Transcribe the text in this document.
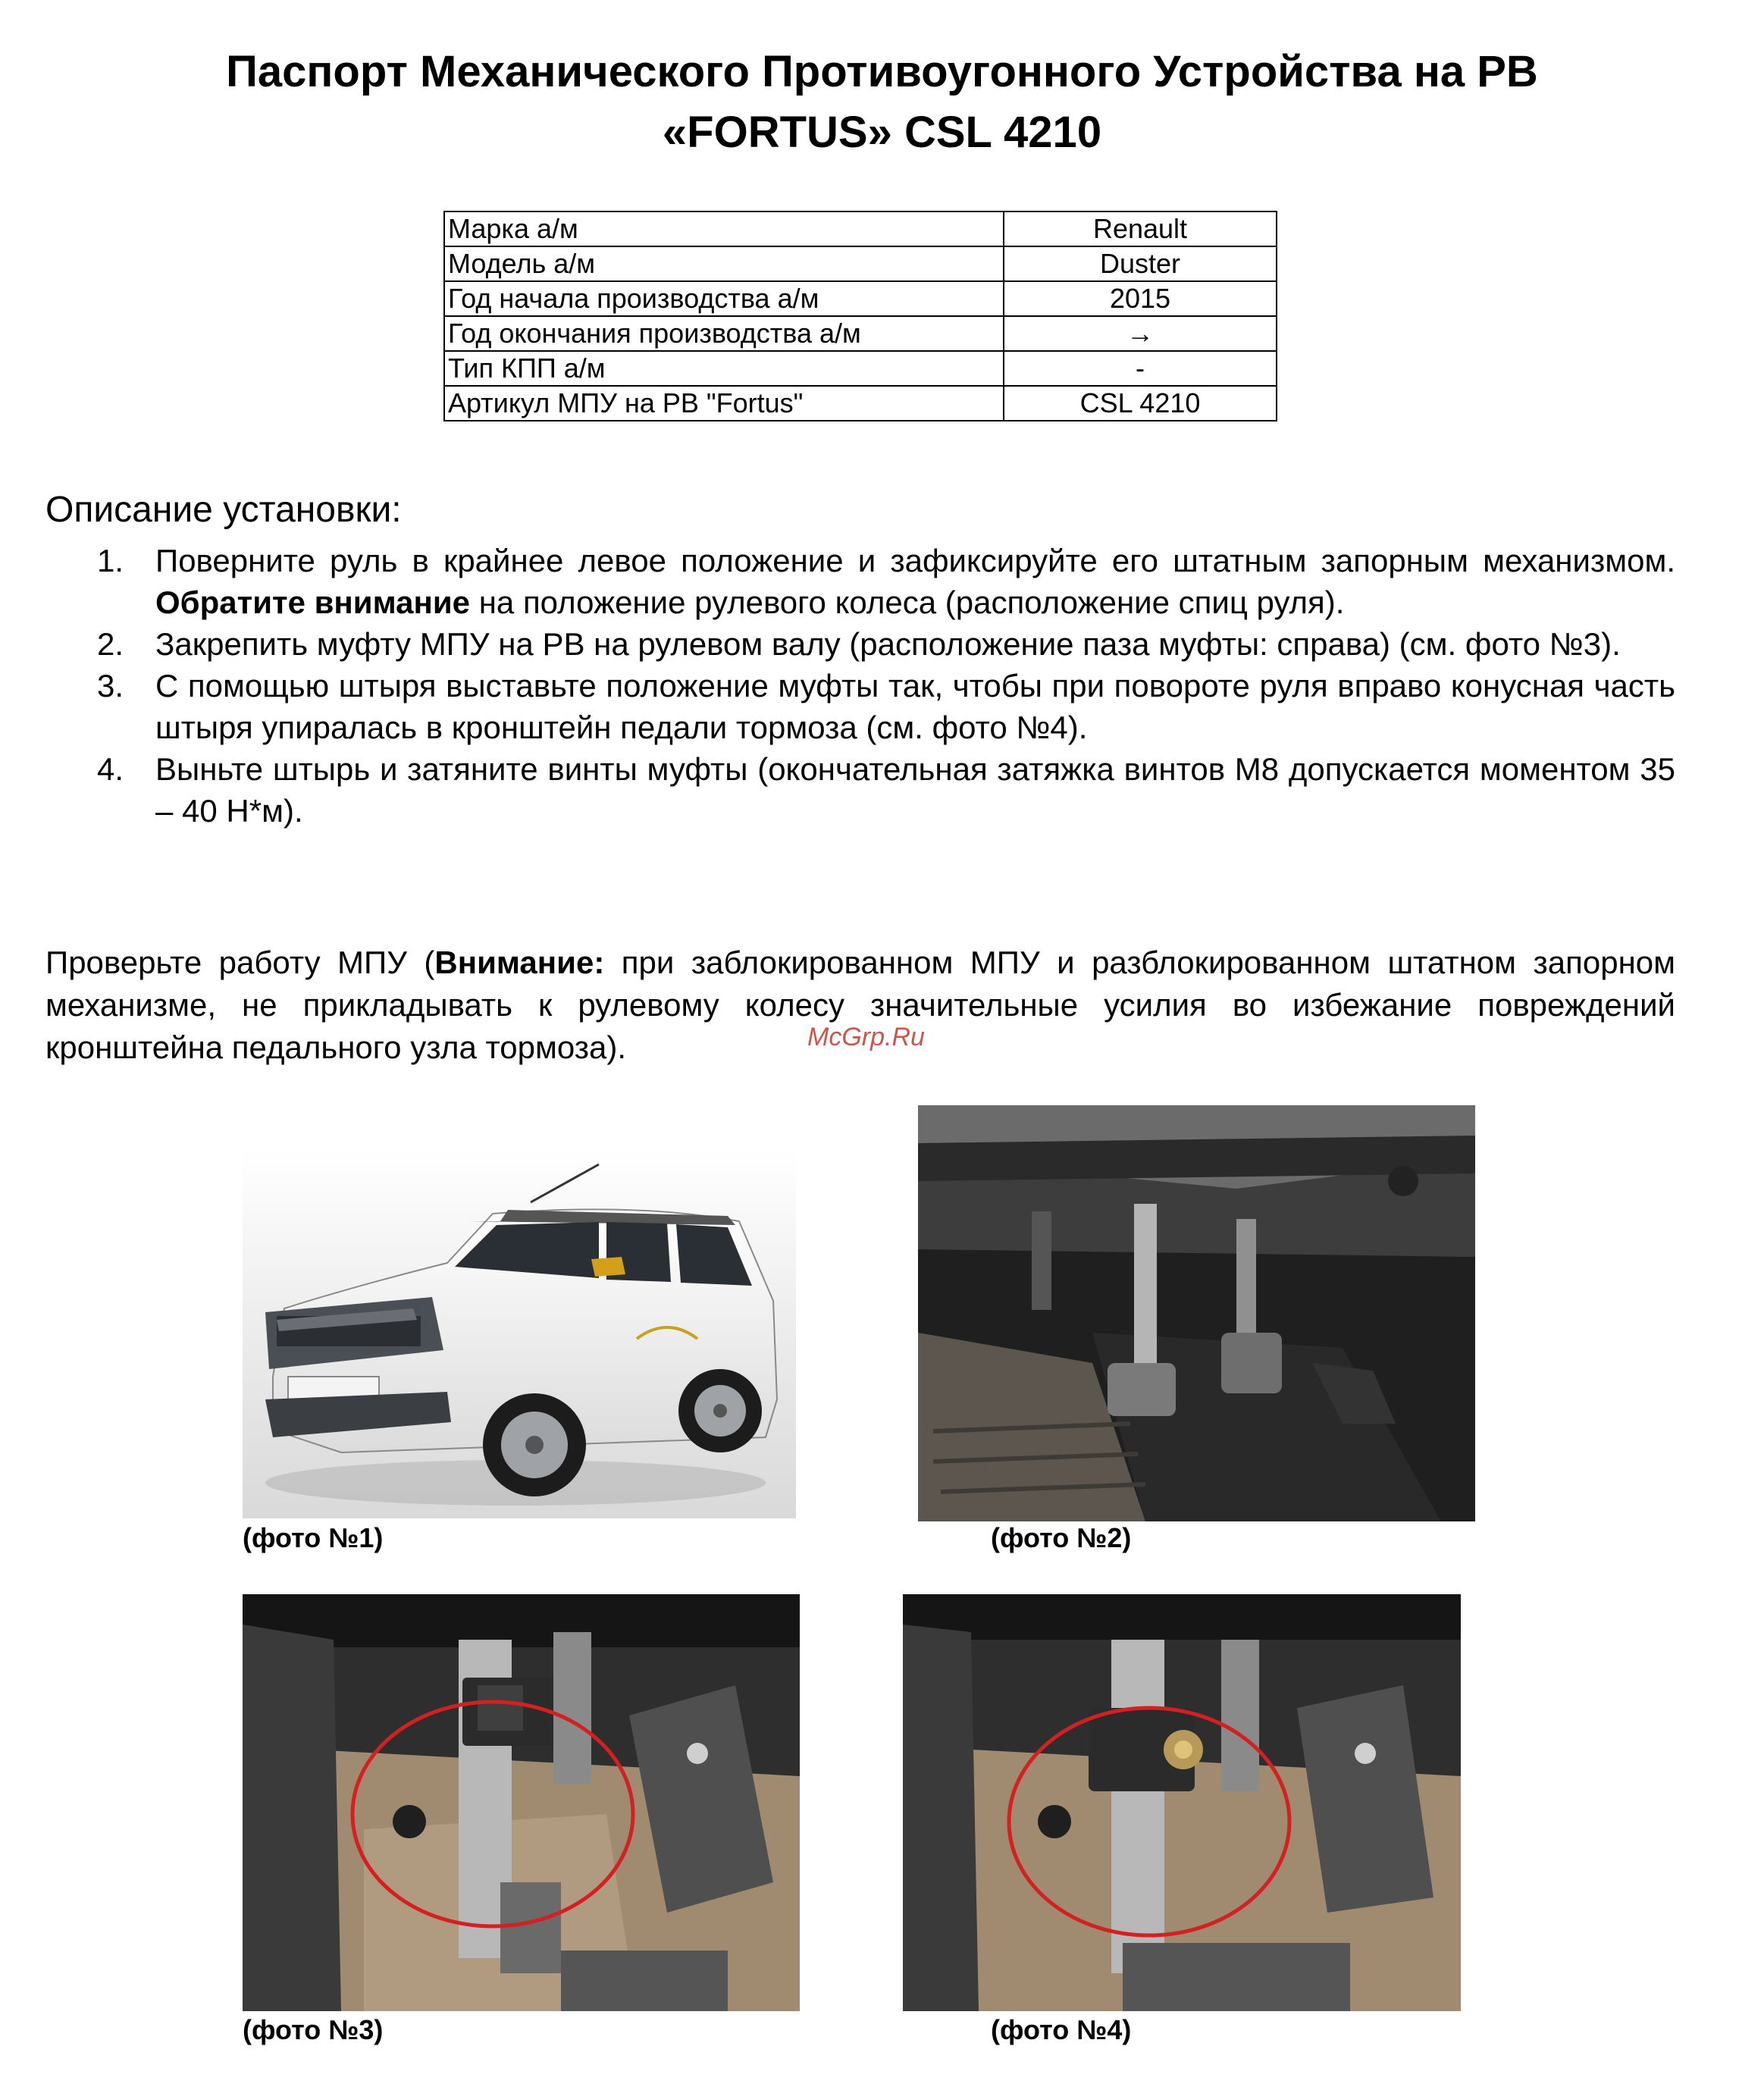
Паспорт Механического Противоугонного Устройства на РВ
«FORTUS» CSL 4210
Марка а/м	Renault
Модель а/м	Duster
Год начала производства а/м	2015
Год окончания производства а/м	→
Тип КПП а/м	-
Артикул МПУ на РВ "Fortus"	CSL 4210
Описание установки:
1. Поверните руль в крайнее левое положение и зафиксируйте его штатным запорным механизмом. Обратите внимание на положение рулевого колеса (расположение спиц руля).
2. Закрепить муфту МПУ на РВ на рулевом валу (расположение паза муфты: справа) (см. фото №3).
3. С помощью штыря выставьте положение муфты так, чтобы при повороте руля вправо конусная часть штыря упиралась в кронштейн педали тормоза (см. фото №4).
4. Выньте штырь и затяните винты муфты (окончательная затяжка винтов М8 допускается моментом 35 – 40 Н*м).
Проверьте работу МПУ (Внимание: при заблокированном МПУ и разблокированном штатном запорном механизме, не прикладывать к рулевому колесу значительные усилия во избежание повреждений кронштейна педального узла тормоза).	McGrp.Ru
(фото №1)	(фото №2)
(фото №3)	(фото №4)
